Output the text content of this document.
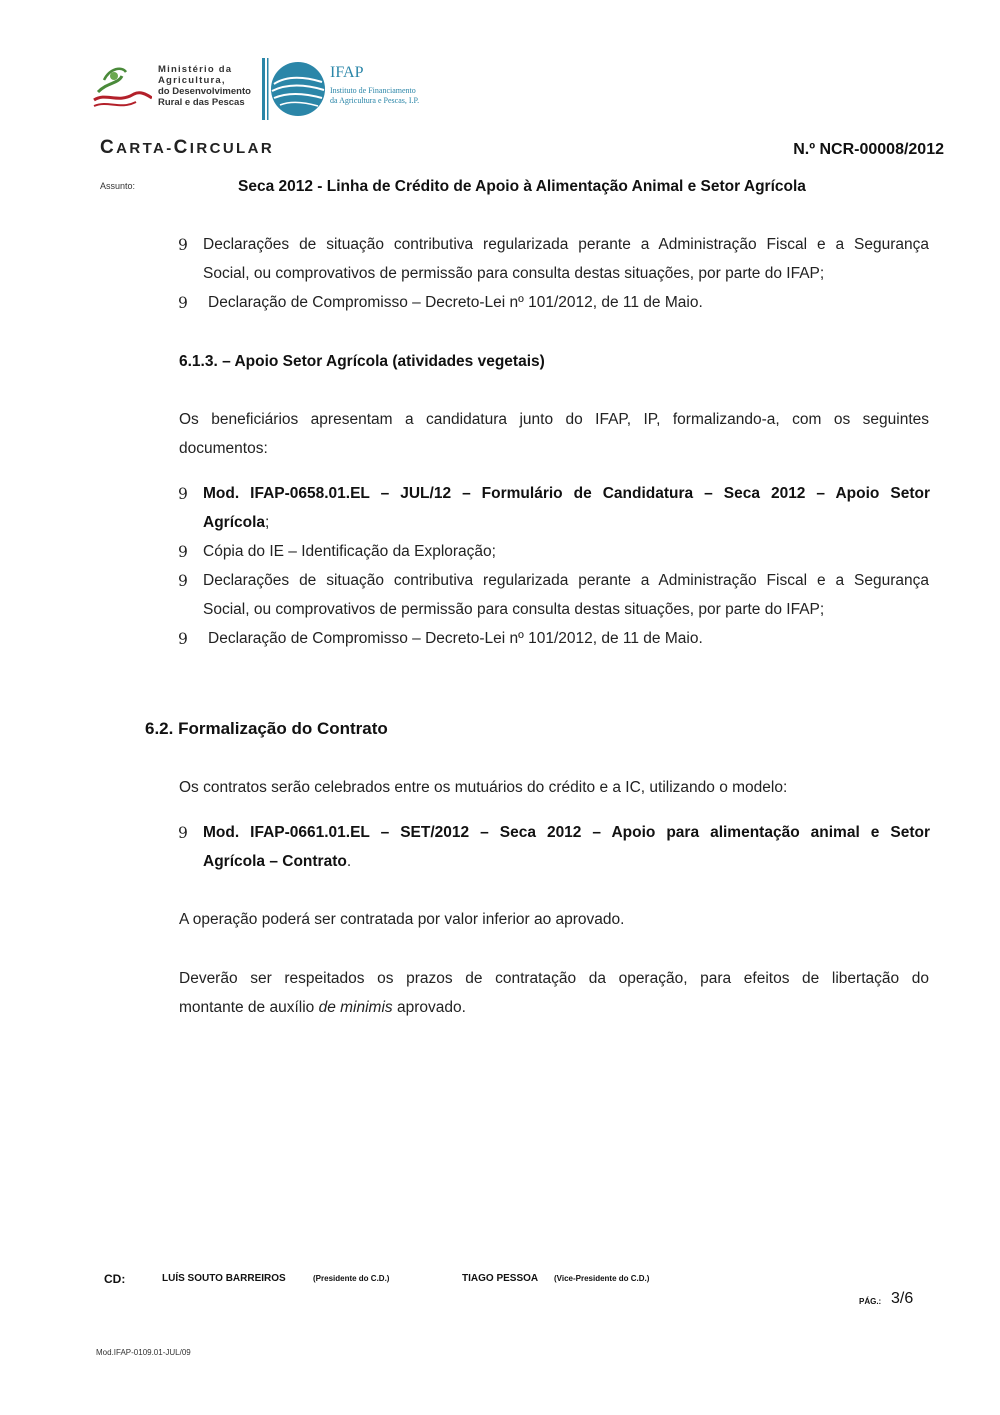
Ministério da
Agricultura,
do Desenvolvimento
Rural e das Pescas
IFAP
Instituto de Financiamento
da Agricultura e Pescas, I.P.
CARTA-CIRCULAR	N.º NCR-00008/2012
Assunto:	Seca 2012 - Linha de Crédito de Apoio à Alimentação Animal e Setor Agrícola
9 Declarações de situação contributiva regularizada perante a Administração Fiscal e a Segurança
Social, ou comprovativos de permissão para consulta destas situações, por parte do IFAP;
9 Declaração de Compromisso – Decreto-Lei nº 101/2012, de 11 de Maio.
6.1.3. – Apoio Setor Agrícola (atividades vegetais)
Os beneficiários apresentam a candidatura junto do IFAP, IP, formalizando-a, com os seguintes
documentos:
9 Mod. IFAP-0658.01.EL – JUL/12 – Formulário de Candidatura – Seca 2012 – Apoio Setor
Agrícola;
9 Cópia do IE – Identificação da Exploração;
9 Declarações de situação contributiva regularizada perante a Administração Fiscal e a Segurança
Social, ou comprovativos de permissão para consulta destas situações, por parte do IFAP;
9 Declaração de Compromisso – Decreto-Lei nº 101/2012, de 11 de Maio.
6.2. Formalização do Contrato
Os contratos serão celebrados entre os mutuários do crédito e a IC, utilizando o modelo:
9 Mod. IFAP-0661.01.EL – SET/2012 – Seca 2012 – Apoio para alimentação animal e Setor
Agrícola – Contrato.
A operação poderá ser contratada por valor inferior ao aprovado.
Deverão ser respeitados os prazos de contratação da operação, para efeitos de libertação do
montante de auxílio de minimis aprovado.
CD:	LUÍS SOUTO BARREIROS	(Presidente do C.D.)	TIAGO PESSOA (Vice-Presidente do C.D.)
PÁG.: 3/6
Mod.IFAP-0109.01-JUL/09
